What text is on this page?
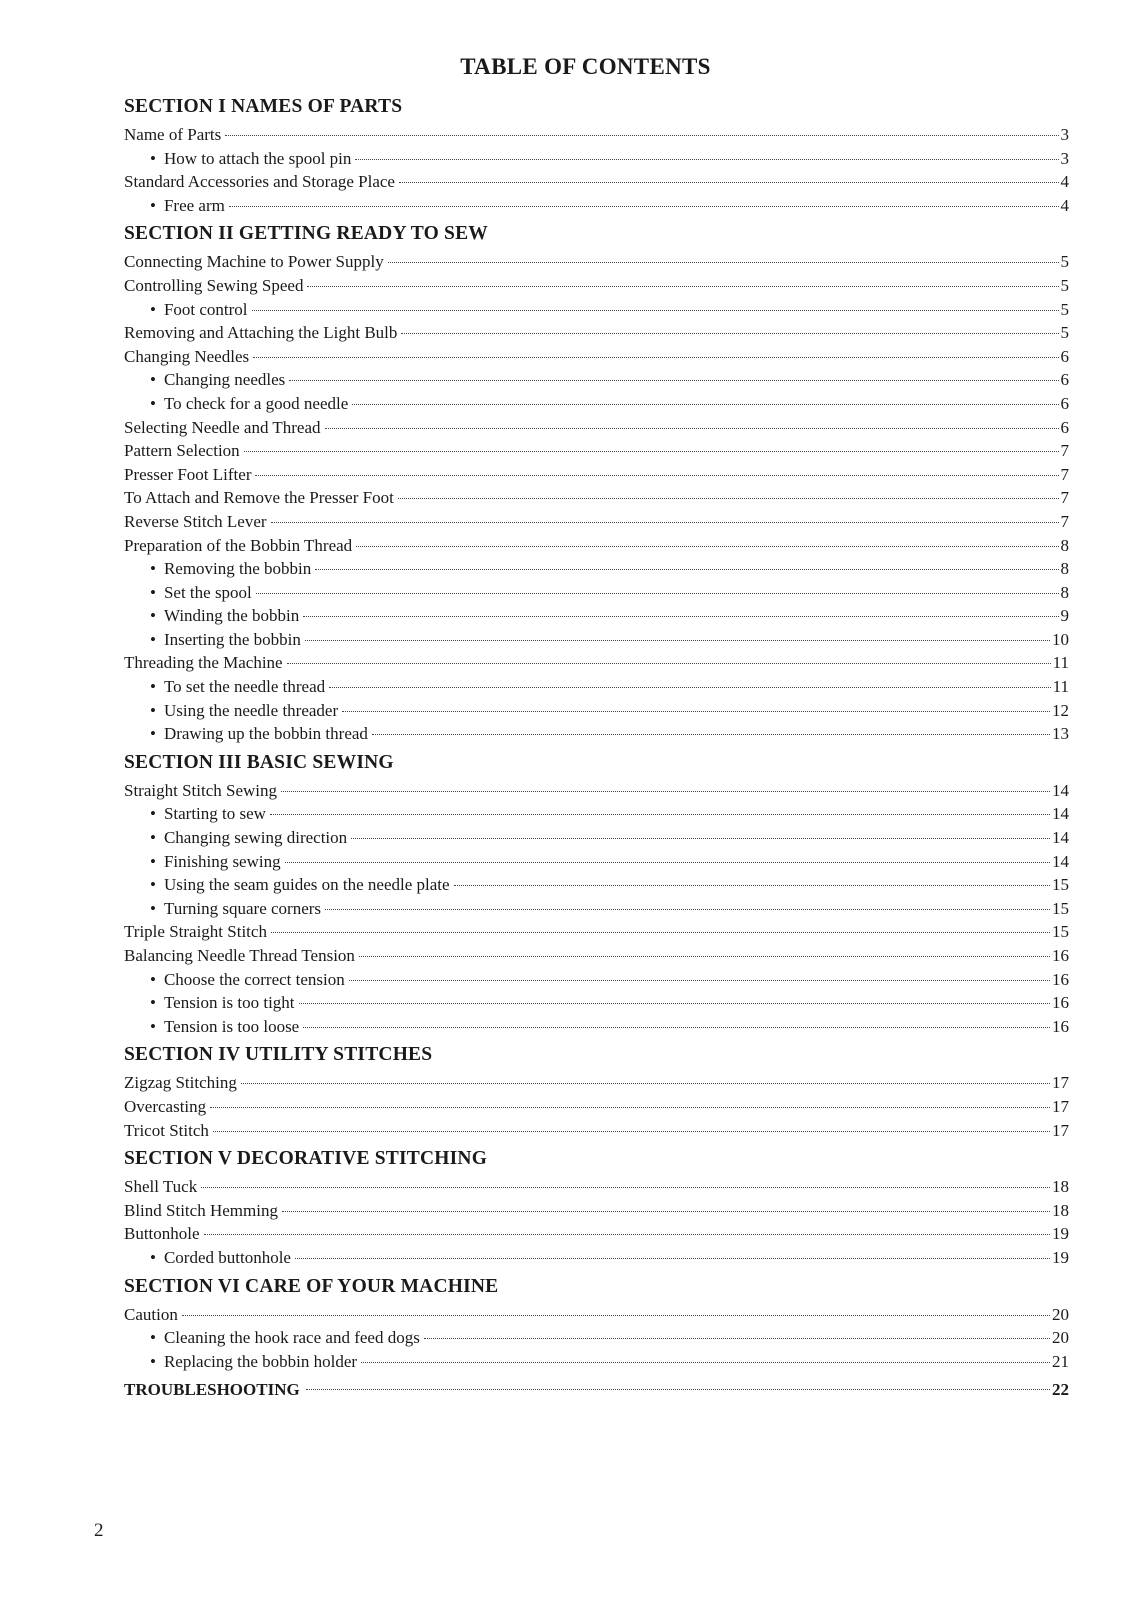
TABLE OF CONTENTS
SECTION I NAMES OF PARTS
Name of Parts	3
• How to attach the spool pin	3
Standard Accessories and Storage Place	4
• Free arm	4
SECTION II GETTING READY TO SEW
Connecting Machine to Power Supply	5
Controlling Sewing Speed	5
• Foot control	5
Removing and Attaching the Light Bulb	5
Changing Needles	6
• Changing needles	6
• To check for a good needle	6
Selecting Needle and Thread	6
Pattern Selection	7
Presser Foot Lifter	7
To Attach and Remove the Presser Foot	7
Reverse Stitch Lever	7
Preparation of the Bobbin Thread	8
• Removing the bobbin	8
• Set the spool	8
• Winding the bobbin	9
• Inserting the bobbin	10
Threading the Machine	11
• To set the needle thread	11
• Using the needle threader	12
• Drawing up the bobbin thread	13
SECTION III BASIC SEWING
Straight Stitch Sewing	14
• Starting to sew	14
• Changing sewing direction	14
• Finishing sewing	14
• Using the seam guides on the needle plate	15
• Turning square corners	15
Triple Straight Stitch	15
Balancing Needle Thread Tension	16
• Choose the correct tension	16
• Tension is too tight	16
• Tension is too loose	16
SECTION IV UTILITY STITCHES
Zigzag Stitching	17
Overcasting	17
Tricot Stitch	17
SECTION V DECORATIVE STITCHING
Shell Tuck	18
Blind Stitch Hemming	18
Buttonhole	19
• Corded buttonhole	19
SECTION VI CARE OF YOUR MACHINE
Caution	20
• Cleaning the hook race and feed dogs	20
• Replacing the bobbin holder	21
TROUBLESHOOTING	22
2
